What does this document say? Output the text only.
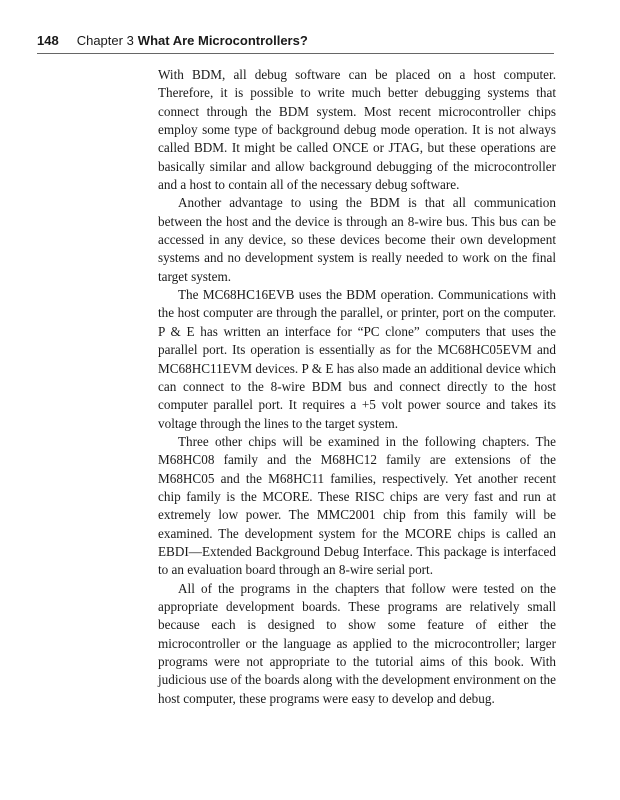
148 Chapter 3 What Are Microcontrollers?

With BDM, all debug software can be placed on a host computer. Therefore, it is possible to write much better debugging systems that connect through the BDM system. Most recent microcontroller chips employ some type of background debug mode operation. It is not always called BDM. It might be called ONCE or JTAG, but these operations are basically similar and allow background debugging of the microcontroller and a host to contain all of the necessary debug software.

Another advantage to using the BDM is that all communication between the host and the device is through an 8-wire bus. This bus can be accessed in any device, so these devices become their own development systems and no development system is really needed to work on the final target system.

The MC68HC16EVB uses the BDM operation. Communications with the host computer are through the parallel, or printer, port on the computer. P & E has written an interface for “PC clone” computers that uses the parallel port. Its operation is essentially as for the MC68HC05EVM and MC68HC11EVM devices. P & E has also made an additional device which can connect to the 8-wire BDM bus and connect directly to the host computer parallel port. It requires a +5 volt power source and takes its voltage through the lines to the target system.

Three other chips will be examined in the following chapters. The M68HC08 family and the M68HC12 family are extensions of the M68HC05 and the M68HC11 families, respectively. Yet another recent chip family is the MCORE. These RISC chips are very fast and run at extremely low power. The MMC2001 chip from this family will be examined. The development system for the MCORE chips is called an EBDI—Extended Background Debug Interface. This package is interfaced to an evaluation board through an 8-wire serial port.

All of the programs in the chapters that follow were tested on the appropriate development boards. These programs are relatively small because each is designed to show some feature of either the microcontroller or the language as applied to the microcontroller; larger programs were not appropriate to the tutorial aims of this book. With judicious use of the boards along with the development environment on the host computer, these programs were easy to develop and debug.
